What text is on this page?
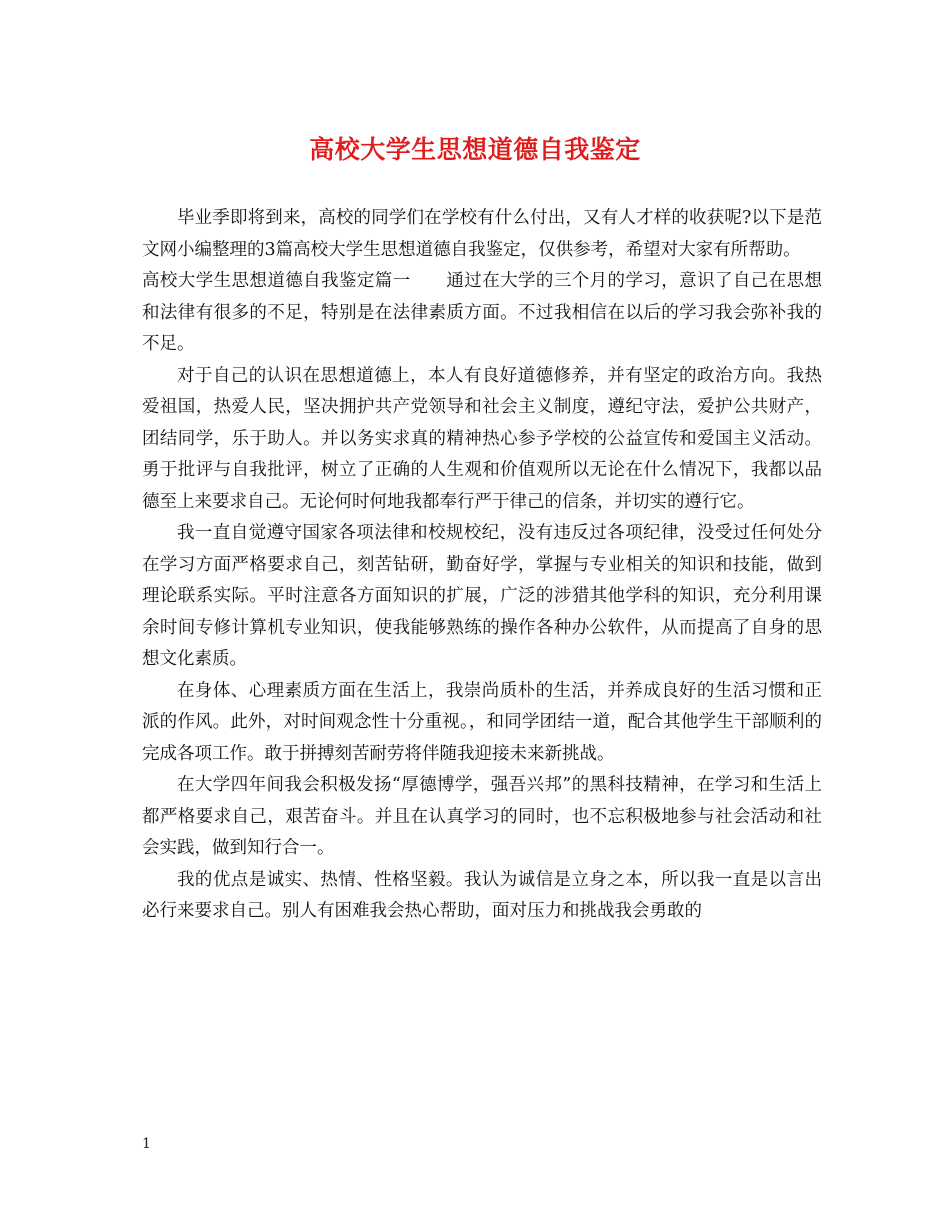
高校大学生思想道德自我鉴定

毕业季即将到来，高校的同学们在学校有什么付出，又有人才样的收获呢?以下是范文网小编整理的3篇高校大学生思想道德自我鉴定，仅供参考，希望对大家有所帮助。

高校大学生思想道德自我鉴定篇一　　通过在大学的三个月的学习，意识了自己在思想和法律有很多的不足，特别是在法律素质方面。不过我相信在以后的学习我会弥补我的不足。

对于自己的认识在思想道德上，本人有良好道德修养，并有坚定的政治方向。我热爱祖国，热爱人民，坚决拥护共产党领导和社会主义制度，遵纪守法，爱护公共财产，团结同学，乐于助人。并以务实求真的精神热心参予学校的公益宣传和爱国主义活动。 勇于批评与自我批评，树立了正确的人生观和价值观所以无论在什么情况下，我都以品德至上来要求自己。无论何时何地我都奉行严于律己的信条，并切实的遵行它。

我一直自觉遵守国家各项法律和校规校纪，没有违反过各项纪律，没受过任何处分 在学习方面严格要求自己，刻苦钻研，勤奋好学，掌握与专业相关的知识和技能，做到理论联系实际。平时注意各方面知识的扩展，广泛的涉猎其他学科的知识，充分利用课余时间专修计算机专业知识，使我能够熟练的操作各种办公软件，从而提高了自身的思想文化素质。

在身体、心理素质方面在生活上，我崇尚质朴的生活，并养成良好的生活习惯和正派的作风。此外，对时间观念性十分重视。，和同学团结一道，配合其他学生干部顺利的完成各项工作。敢于拼搏刻苦耐劳将伴随我迎接未来新挑战。

在大学四年间我会积极发扬“厚德博学，强吾兴邦”的黑科技精神，在学习和生活上都严格要求自己，艰苦奋斗。并且在认真学习的同时，也不忘积极地参与社会活动和社会实践，做到知行合一。

我的优点是诚实、热情、性格坚毅。我认为诚信是立身之本，所以我一直是以言出必行来要求自己。别人有困难我会热心帮助，面对压力和挑战我会勇敢的

1
